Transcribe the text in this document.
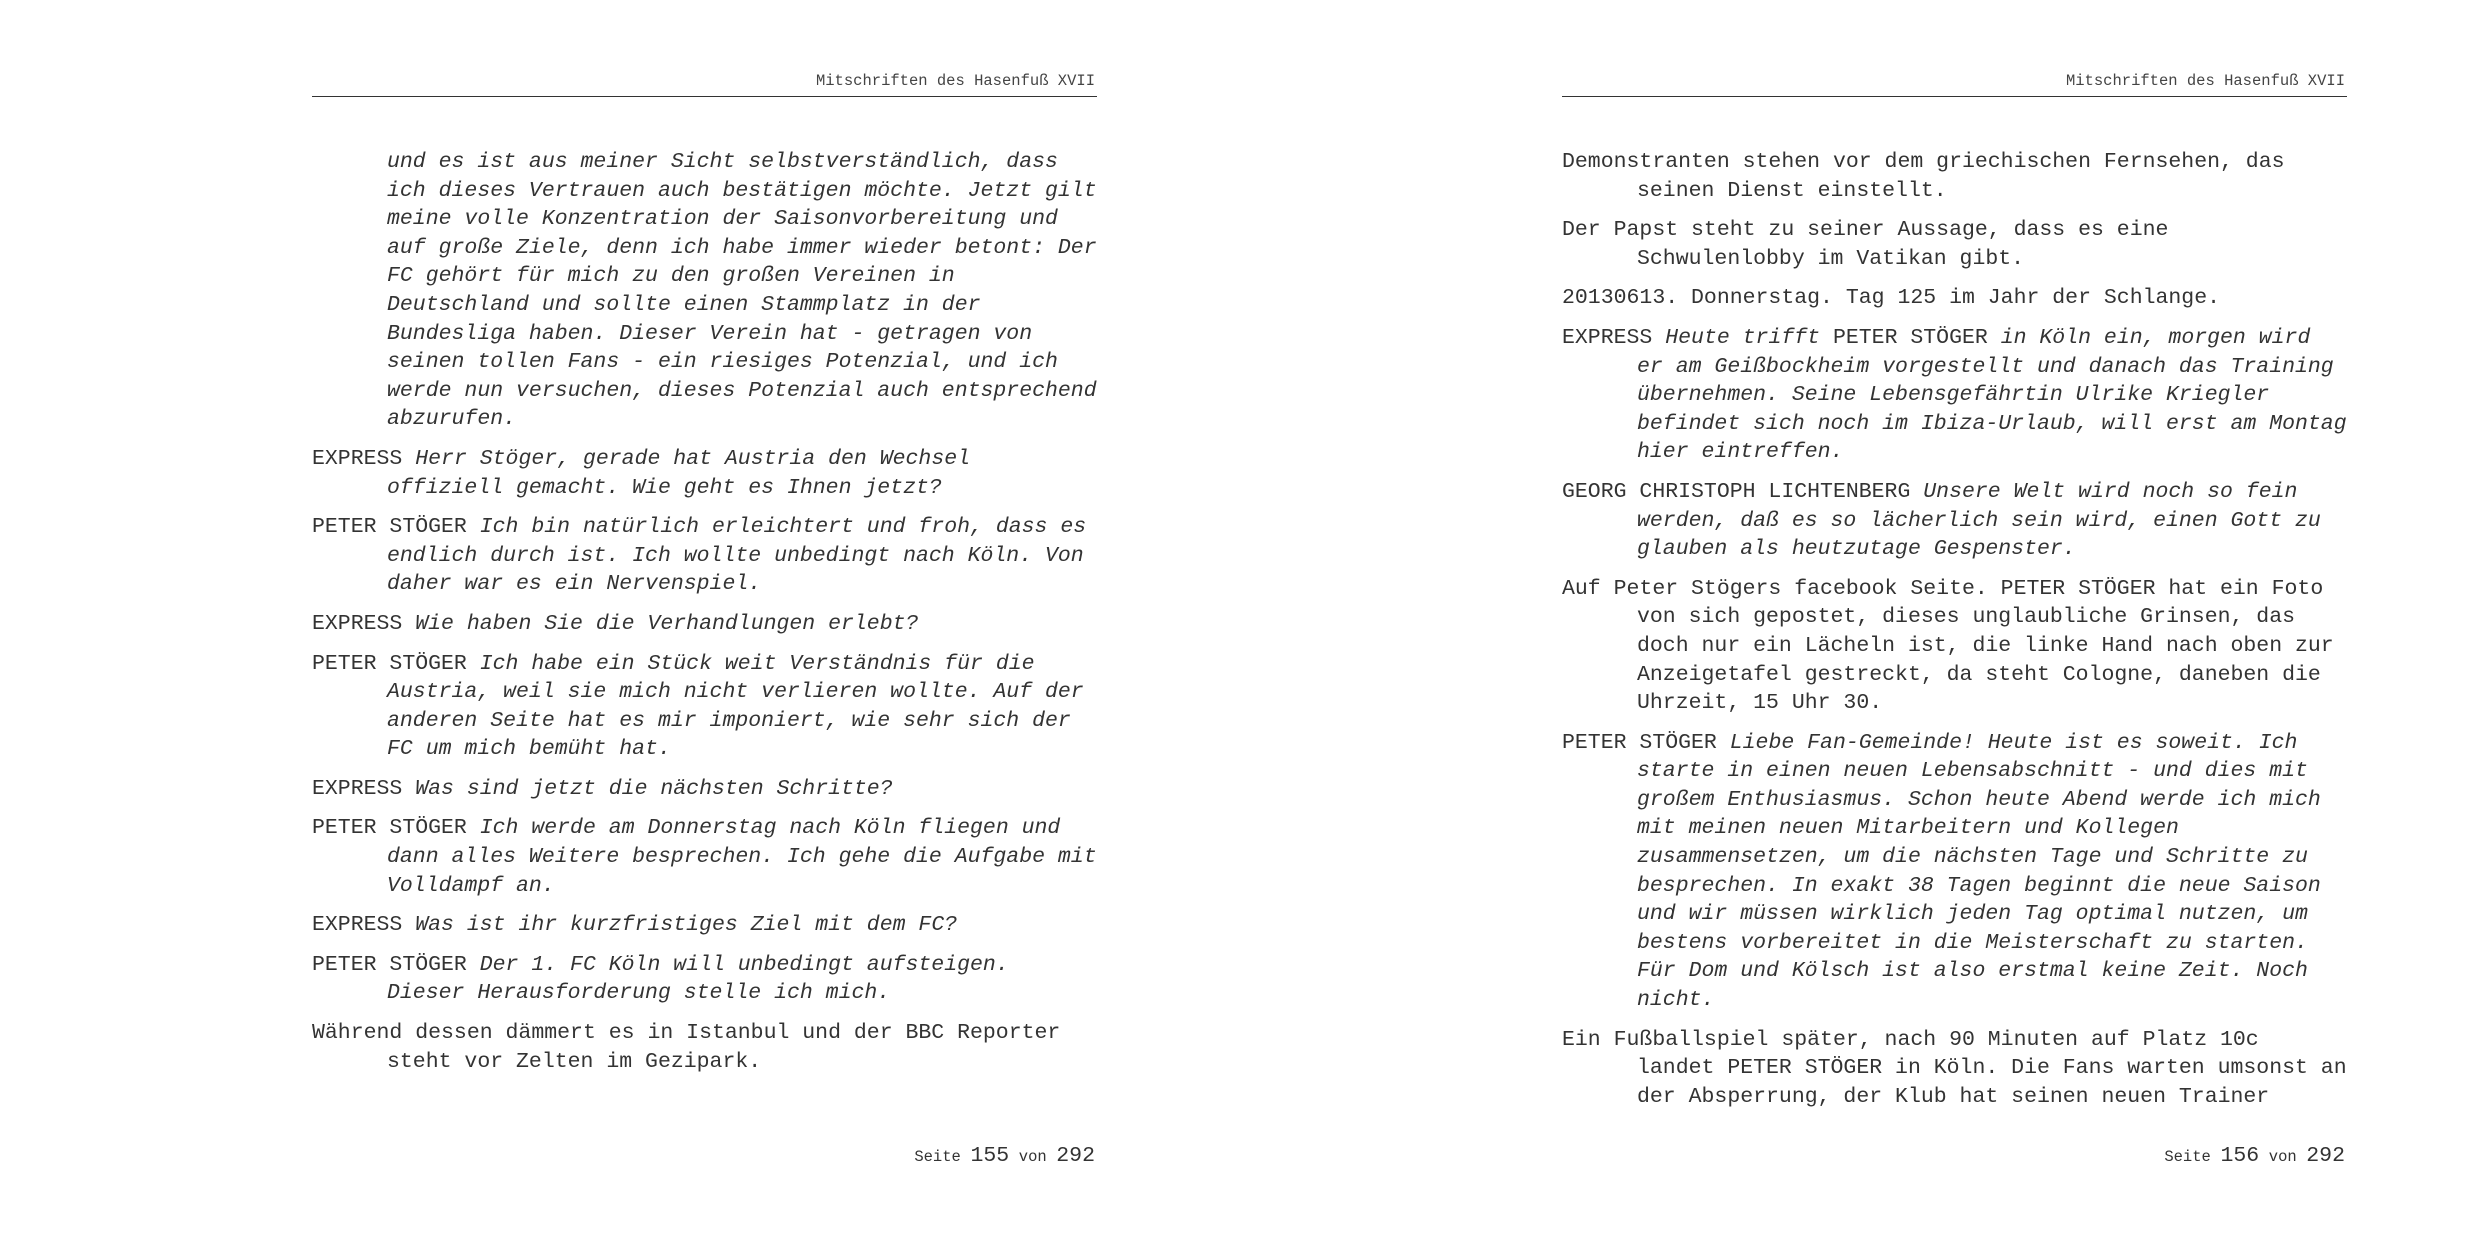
Mitschriften des Hasenfuß XVII

und es ist aus meiner Sicht selbstverständlich, dass ich dieses Vertrauen auch bestätigen möchte. Jetzt gilt meine volle Konzentration der Saisonvorbereitung und auf große Ziele, denn ich habe immer wieder betont: Der FC gehört für mich zu den großen Vereinen in Deutschland und sollte einen Stammplatz in der Bundesliga haben. Dieser Verein hat - getragen von seinen tollen Fans - ein riesiges Potenzial, und ich werde nun versuchen, dieses Potenzial auch entsprechend abzurufen.

EXPRESS Herr Stöger, gerade hat Austria den Wechsel offiziell gemacht. Wie geht es Ihnen jetzt?

PETER STÖGER Ich bin natürlich erleichtert und froh, dass es endlich durch ist. Ich wollte unbedingt nach Köln. Von daher war es ein Nervenspiel.

EXPRESS Wie haben Sie die Verhandlungen erlebt?

PETER STÖGER Ich habe ein Stück weit Verständnis für die Austria, weil sie mich nicht verlieren wollte. Auf der anderen Seite hat es mir imponiert, wie sehr sich der FC um mich bemüht hat.

EXPRESS Was sind jetzt die nächsten Schritte?

PETER STÖGER Ich werde am Donnerstag nach Köln fliegen und dann alles Weitere besprechen. Ich gehe die Aufgabe mit Volldampf an.

EXPRESS Was ist ihr kurzfristiges Ziel mit dem FC?

PETER STÖGER Der 1. FC Köln will unbedingt aufsteigen. Dieser Herausforderung stelle ich mich.

Während dessen dämmert es in Istanbul und der BBC Reporter steht vor Zelten im Gezipark.

Seite 155 von 292
Mitschriften des Hasenfuß XVII

Demonstranten stehen vor dem griechischen Fernsehen, das seinen Dienst einstellt.

Der Papst steht zu seiner Aussage, dass es eine Schwulenlobby im Vatikan gibt.

20130613. Donnerstag. Tag 125 im Jahr der Schlange.

EXPRESS Heute trifft PETER STÖGER in Köln ein, morgen wird er am Geißbockheim vorgestellt und danach das Training übernehmen. Seine Lebensgefährtin Ulrike Kriegler befindet sich noch im Ibiza-Urlaub, will erst am Montag hier eintreffen.

GEORG CHRISTOPH LICHTENBERG Unsere Welt wird noch so fein werden, daß es so lächerlich sein wird, einen Gott zu glauben als heutzutage Gespenster.

Auf Peter Stögers facebook Seite. PETER STÖGER hat ein Foto von sich gepostet, dieses unglaubliche Grinsen, das doch nur ein Lächeln ist, die linke Hand nach oben zur Anzeigetafel gestreckt, da steht Cologne, daneben die Uhrzeit, 15 Uhr 30.

PETER STÖGER Liebe Fan-Gemeinde! Heute ist es soweit. Ich starte in einen neuen Lebensabschnitt - und dies mit großem Enthusiasmus. Schon heute Abend werde ich mich mit meinen neuen Mitarbeitern und Kollegen zusammensetzen, um die nächsten Tage und Schritte zu besprechen. In exakt 38 Tagen beginnt die neue Saison und wir müssen wirklich jeden Tag optimal nutzen, um bestens vorbereitet in die Meisterschaft zu starten. Für Dom und Kölsch ist also erstmal keine Zeit. Noch nicht.

Ein Fußballspiel später, nach 90 Minuten auf Platz 10c landet PETER STÖGER in Köln. Die Fans warten umsonst an der Absperrung, der Klub hat seinen neuen Trainer

Seite 156 von 292
